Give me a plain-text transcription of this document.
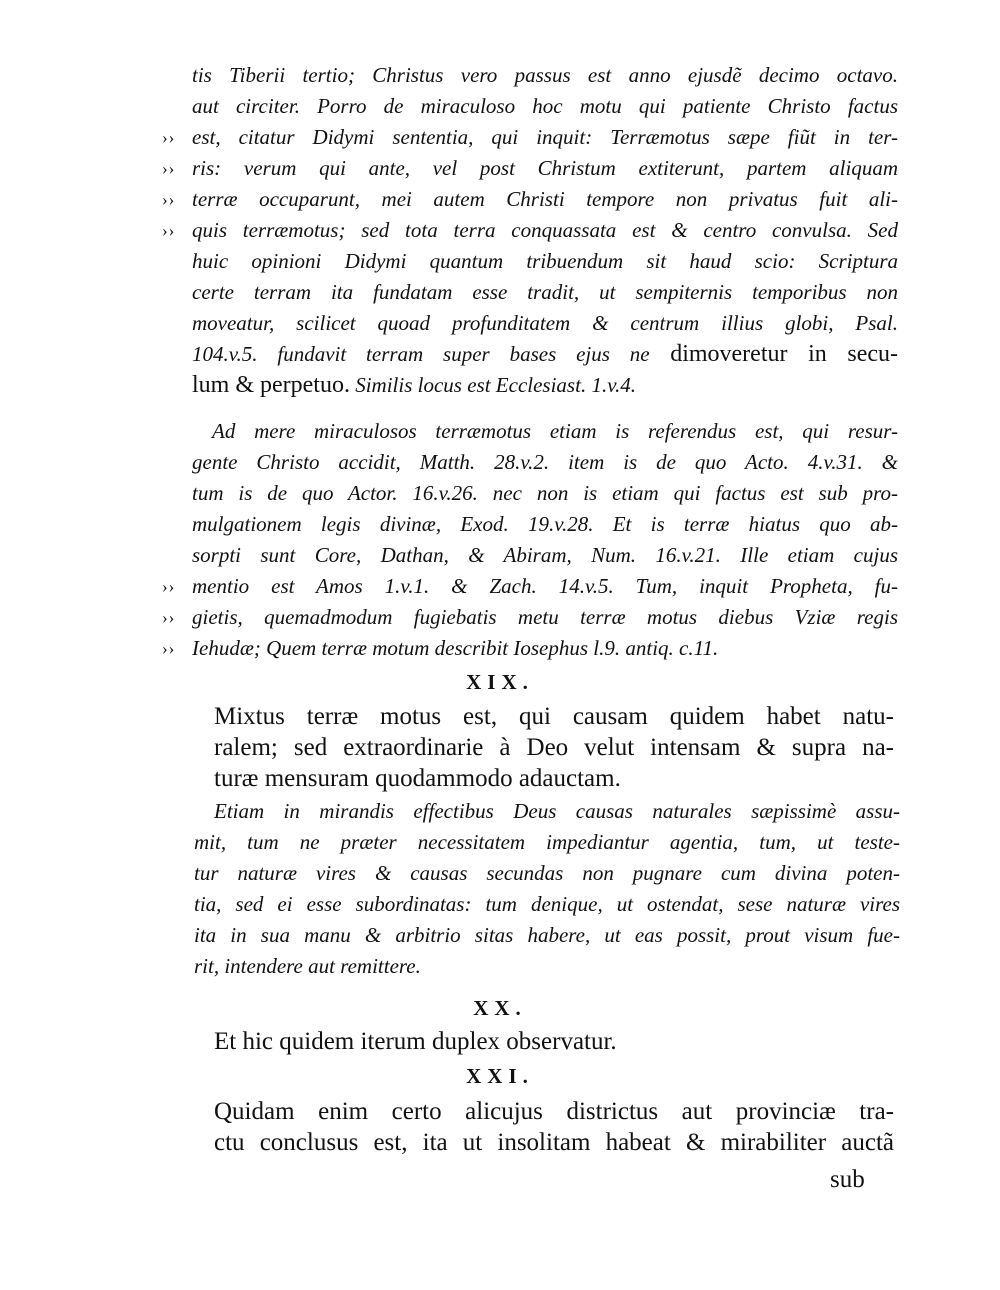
tis Tiberii tertio; Christus vero passus est anno ejusdẽ decimo octavo.
aut circiter. Porro de miraculoso hoc motu qui patiente Christo factus
›› est, citatur Didymi sententia, qui inquit: Terræmotus sæpe fiũt in ter-
›› ris: verum qui ante, vel post Christum extiterunt, partem aliquam
›› terræ occuparunt, mei autem Christi tempore non privatus fuit ali-
›› quis terræmotus; sed tota terra conquassata est & centro convulsa. Sed
huic opinioni Didymi quantum tribuendum sit haud scio: Scriptura
certe terram ita fundatam esse tradit, ut sempiternis temporibus non
moveatur, scilicet quoad profunditatem & centrum illius globi, Psal.
104.v.5. fundavit terram super bases ejus ne dimoveretur in secu-
lum & perpetuo. Similis locus est Ecclesiast. 1.v.4.
Ad mere miraculosos terræmotus etiam is referendus est, qui resur-
gente Christo accidit, Matth. 28.v.2. item is de quo Acto. 4.v.31. &
tum is de quo Actor. 16.v.26. nec non is etiam qui factus est sub pro-
mulgationem legis divinæ, Exod. 19.v.28. Et is terræ hiatus quo ab-
sorpti sunt Core, Dathan, & Abiram, Num. 16.v.21. Ille etiam cujus
›› mentio est Amos 1.v.1. & Zach. 14.v.5. Tum, inquit Propheta, fu-
›› gietis, quemadmodum fugiebatis metu terræ motus diebus Vziæ regis
›› Iehudæ; Quem terræ motum describit Iosephus l.9. antiq. c.11.
XIX.
Mixtus terræ motus est, qui causam quidem habet natu-
ralem; sed extraordinarie à Deo velut intensam & supra na-
turæ mensuram quodammodo adauctam.
Etiam in mirandis effectibus Deus causas naturales sæpissimè assu-
mit, tum ne præter necessitatem impediantur agentia, tum, ut teste-
tur naturæ vires & causas secundas non pugnare cum divina poten-
tia, sed ei esse subordinatas: tum denique, ut ostendat, sese naturæ vires
ita in sua manu & arbitrio sitas habere, ut eas possit, prout visum fue-
rit, intendere aut remittere.
XX.
Et hic quidem iterum duplex observatur.
XXI.
Quidam enim certo alicujus districtus aut provinciæ tra-
ctu conclusus est, ita ut insolitam habeat & mirabiliter auctã
sub
